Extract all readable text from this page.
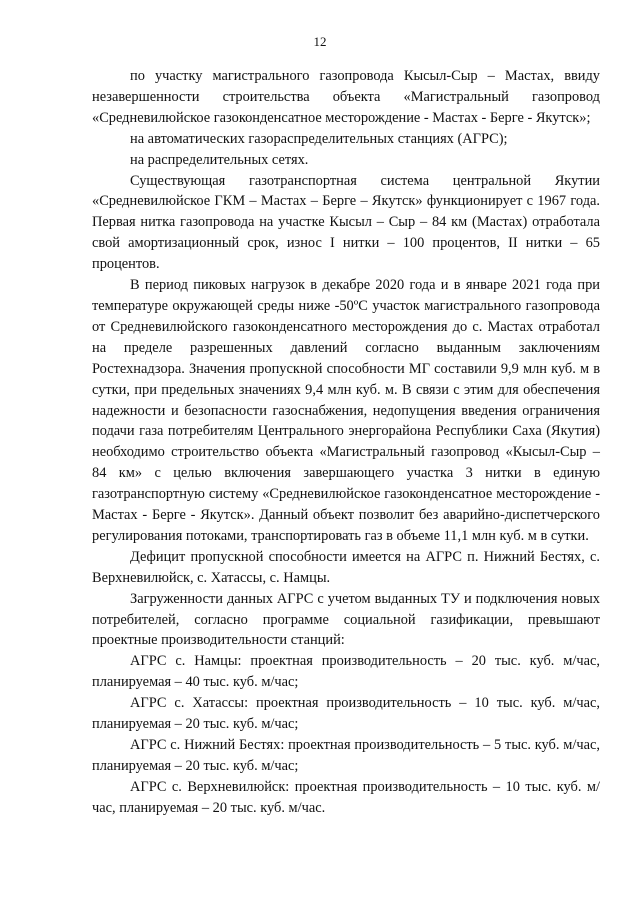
12

по участку магистрального газопровода Кысыл-Сыр – Мастах, ввиду незавершенности строительства объекта «Магистральный газопровод «Средневилюйское газоконденсатное месторождение - Мастах - Берге - Якутск»;

на автоматических газораспределительных станциях (АГРС);

на распределительных сетях.

Существующая газотранспортная система центральной Якутии «Средневилюйское ГКМ – Мастах – Берге – Якутск» функционирует с 1967 года. Первая нитка газопровода на участке Кысыл – Сыр – 84 км (Мастах) отработала свой амортизационный срок, износ I нитки – 100 процентов, II нитки – 65 процентов.

В период пиковых нагрузок в декабре 2020 года и в январе 2021 года при температуре окружающей среды ниже -50ºС участок магистрального газопровода от Средневилюйского газоконденсатного месторождения до с. Мастах отработал на пределе разрешенных давлений согласно выданным заключениям Ростехнадзора. Значения пропускной способности МГ составили 9,9 млн куб. м в сутки, при предельных значениях 9,4 млн куб. м. В связи с этим для обеспечения надежности и безопасности газоснабжения, недопущения введения ограничения подачи газа потребителям Центрального энергорайона Республики Саха (Якутия) необходимо строительство объекта «Магистральный газопровод «Кысыл-Сыр – 84 км» с целью включения завершающего участка 3 нитки в единую газотранспортную систему «Средневилюйское газоконденсатное месторождение - Мастах - Берге - Якутск». Данный объект позволит без аварийно-диспетчерского регулирования потоками, транспортировать газ в объеме 11,1 млн куб. м в сутки.

Дефицит пропускной способности имеется на АГРС п. Нижний Бестях, с. Верхневилюйск, с. Хатассы, с. Намцы.

Загруженности данных АГРС с учетом выданных ТУ и подключения новых потребителей, согласно программе социальной газификации, превышают проектные производительности станций:

АГРС с. Намцы: проектная производительность – 20 тыс. куб. м/час, планируемая – 40 тыс. куб. м/час;

АГРС с. Хатассы: проектная производительность – 10 тыс. куб. м/час, планируемая – 20 тыс. куб. м/час;

АГРС с. Нижний Бестях: проектная производительность – 5 тыс. куб. м/час, планируемая – 20 тыс. куб. м/час;

АГРС с. Верхневилюйск: проектная производительность – 10 тыс. куб. м/час, планируемая – 20 тыс. куб. м/час.
